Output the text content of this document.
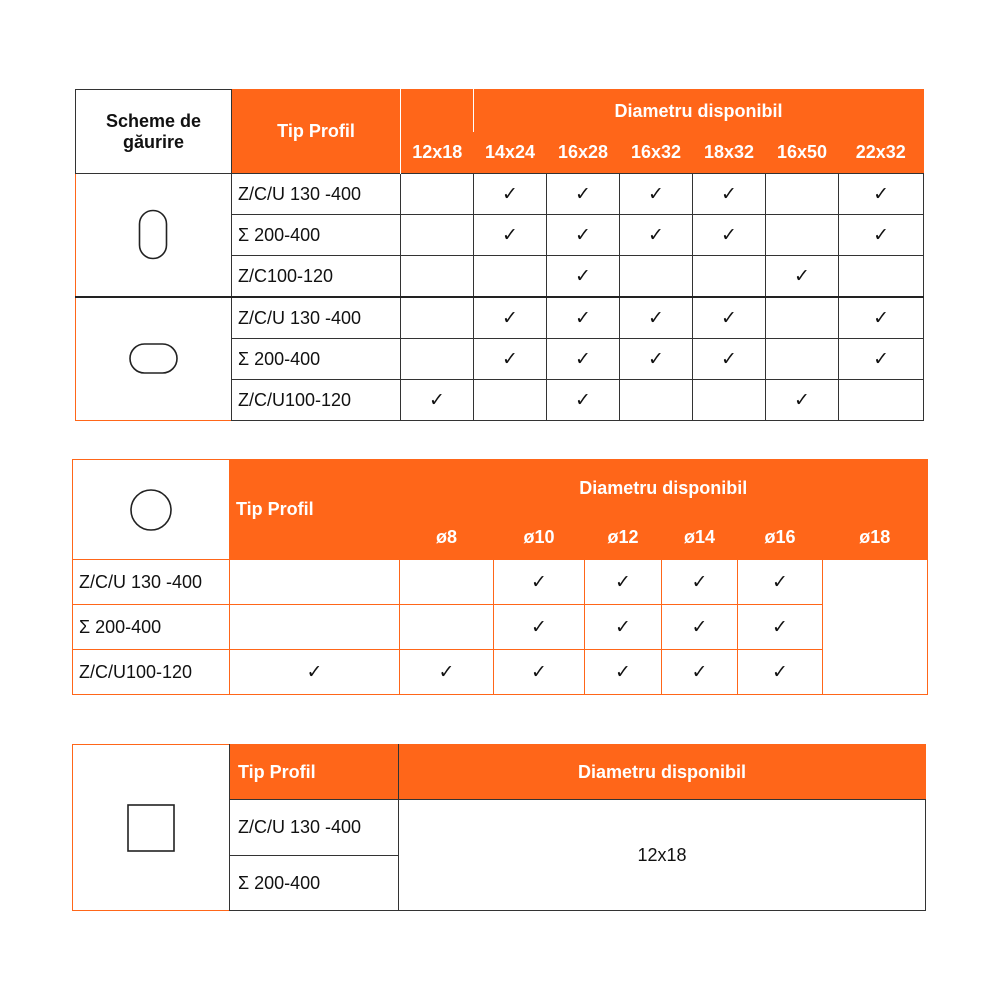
Scheme de găurire	Tip Profil		Diametru disponibil					
		12x18	14x24	16x28	16x32	18x32	16x50	22x32

	Z/C/U 130 -400		✓	✓	✓	✓		✓
	Σ 200-400		✓	✓	✓	✓		✓
	Z/C100-120			✓			✓	

	Z/C/U 130 -400		✓	✓	✓	✓		✓
	Σ 200-400		✓	✓	✓	✓		✓
	Z/C/U100-120	✓		✓			✓	
	Tip Profil	Diametru disponibil					
		ø8	ø10	ø12	ø14	ø16	ø18
Z/C/U 130 -400			✓	✓	✓	✓	
Σ 200-400			✓	✓	✓	✓	
Z/C/U100-120	✓	✓	✓	✓	✓	✓	
	Tip Profil	Diametru disponibil
	Z/C/U 130 -400	12x18
	Σ 200-400	
